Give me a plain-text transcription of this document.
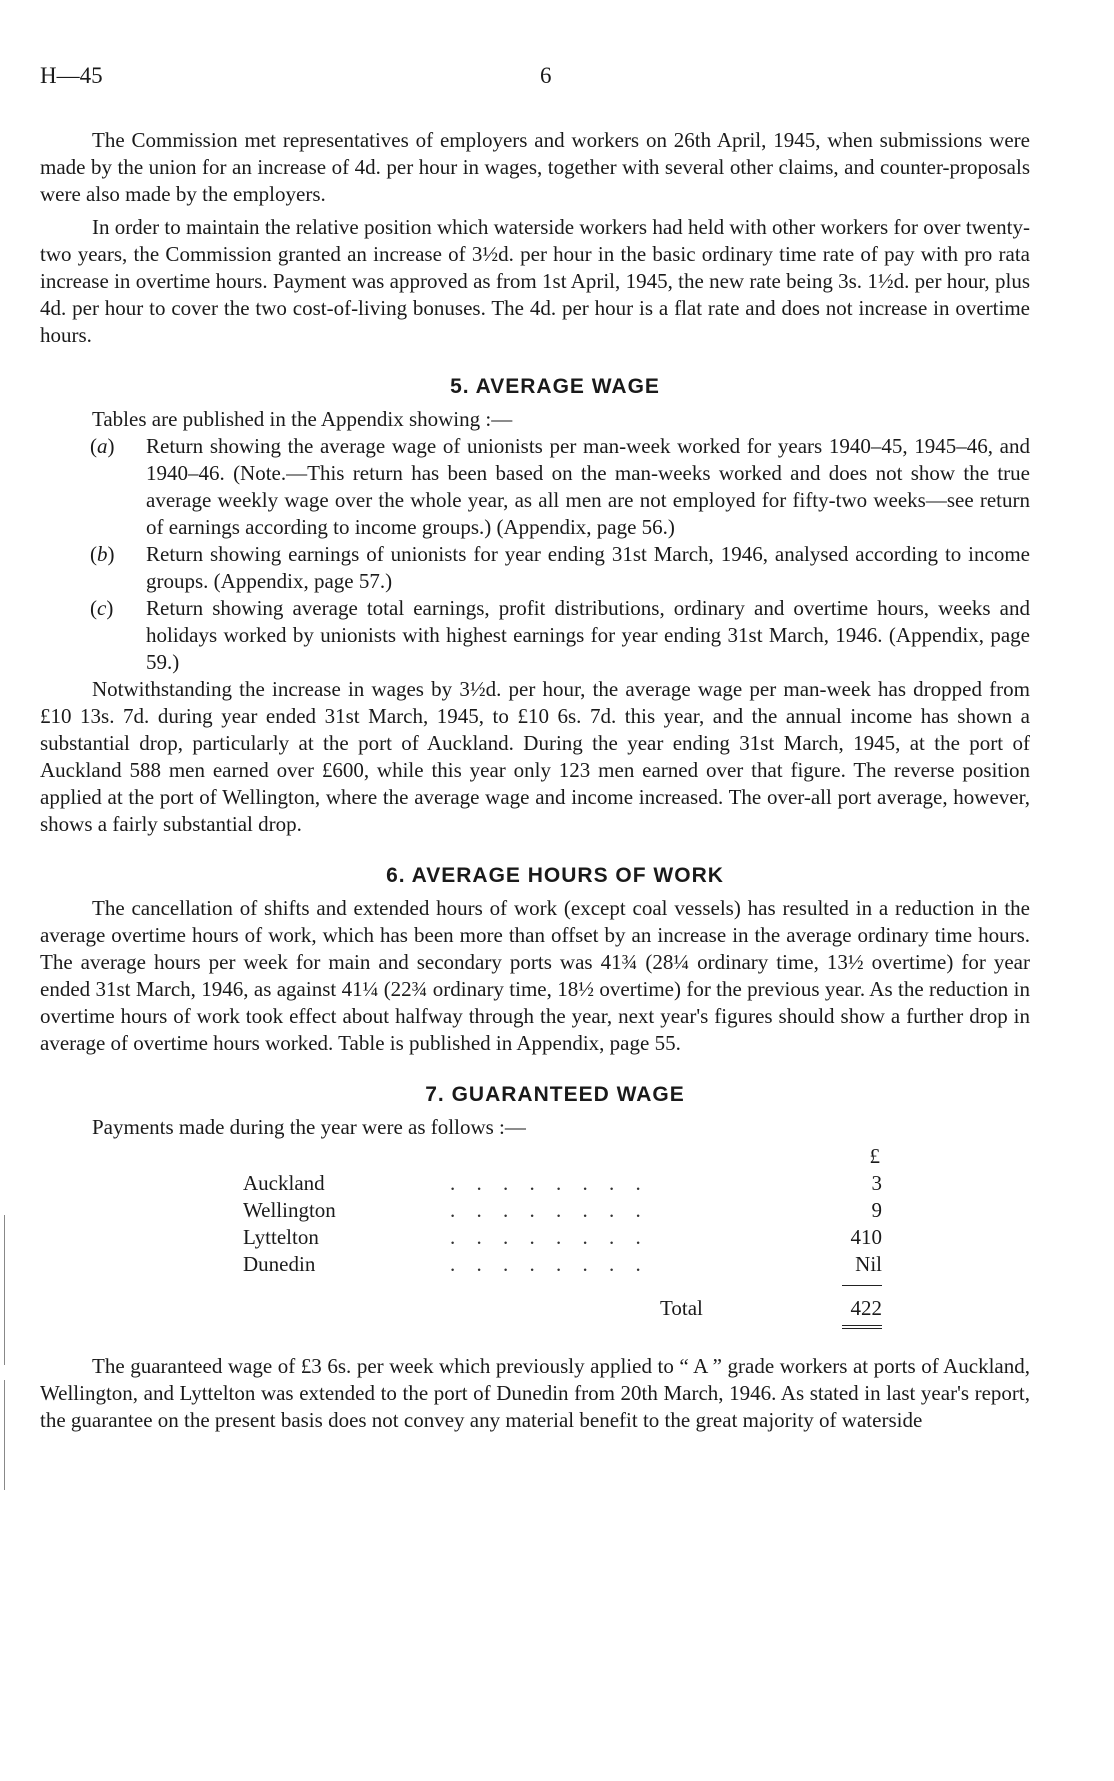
H—45	6

The Commission met representatives of employers and workers on 26th April, 1945, when submissions were made by the union for an increase of 4d. per hour in wages, together with several other claims, and counter-proposals were also made by the employers.

In order to maintain the relative position which waterside workers had held with other workers for over twenty-two years, the Commission granted an increase of 3½d. per hour in the basic ordinary time rate of pay with pro rata increase in overtime hours. Payment was approved as from 1st April, 1945, the new rate being 3s. 1½d. per hour, plus 4d. per hour to cover the two cost-of-living bonuses. The 4d. per hour is a flat rate and does not increase in overtime hours.

5. AVERAGE WAGE

Tables are published in the Appendix showing :—

(a)	Return showing the average wage of unionists per man-week worked for years 1940–45, 1945–46, and 1940–46. (Note.—This return has been based on the man-weeks worked and does not show the true average weekly wage over the whole year, as all men are not employed for fifty-two weeks—see return of earnings according to income groups.) (Appendix, page 56.)
(b)	Return showing earnings of unionists for year ending 31st March, 1946, analysed according to income groups. (Appendix, page 57.)
(c)	Return showing average total earnings, profit distributions, ordinary and overtime hours, weeks and holidays worked by unionists with highest earnings for year ending 31st March, 1946. (Appendix, page 59.)

Notwithstanding the increase in wages by 3½d. per hour, the average wage per man-week has dropped from £10 13s. 7d. during year ended 31st March, 1945, to £10 6s. 7d. this year, and the annual income has shown a substantial drop, particularly at the port of Auckland. During the year ending 31st March, 1945, at the port of Auckland 588 men earned over £600, while this year only 123 men earned over that figure. The reverse position applied at the port of Wellington, where the average wage and income increased. The over-all port average, however, shows a fairly substantial drop.

6. AVERAGE HOURS OF WORK

The cancellation of shifts and extended hours of work (except coal vessels) has resulted in a reduction in the average overtime hours of work, which has been more than offset by an increase in the average ordinary time hours. The average hours per week for main and secondary ports was 41¾ (28¼ ordinary time, 13½ overtime) for year ended 31st March, 1946, as against 41¼ (22¾ ordinary time, 18½ overtime) for the previous year. As the reduction in overtime hours of work took effect about halfway through the year, next year's figures should show a further drop in average of overtime hours worked. Table is published in Appendix, page 55.

7. GUARANTEED WAGE

Payments made during the year were as follows :—

£
Auckland	. . . . . . . .	3
Wellington	. . . . . . . .	9
Lyttelton	. . . . . . . .	410
Dunedin	. . . . . . . .	Nil
Total	422

The guaranteed wage of £3 6s. per week which previously applied to “ A ” grade workers at ports of Auckland, Wellington, and Lyttelton was extended to the port of Dunedin from 20th March, 1946. As stated in last year's report, the guarantee on the present basis does not convey any material benefit to the great majority of waterside
